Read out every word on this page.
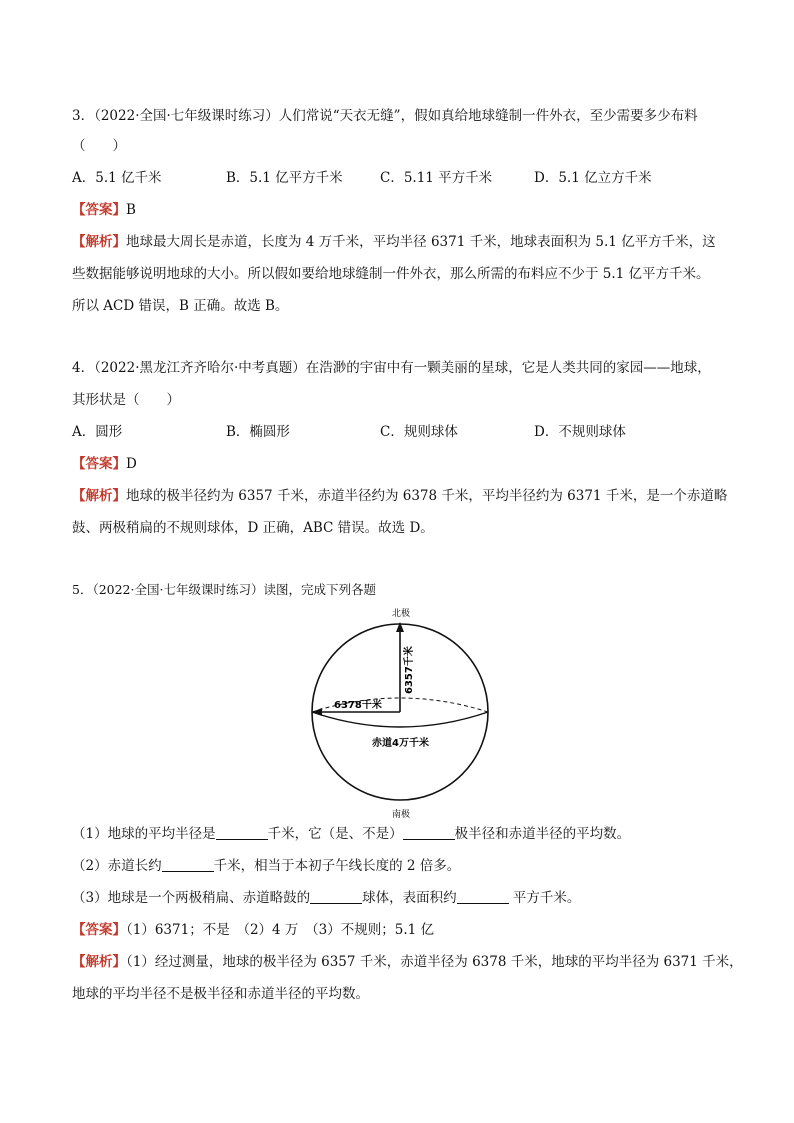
3．（2022·全国·七年级课时练习）人们常说“天衣无缝”，假如真给地球缝制一件外衣，至少需要多少布料
（　　）
A．5.1 亿千米	B．5.1 亿平方千米	C．5.11 平方千米	D．5.1 亿立方千米
【答案】B
【解析】地球最大周长是赤道，长度为 4 万千米，平均半径 6371 千米，地球表面积为 5.1 亿平方千米，这
些数据能够说明地球的大小。所以假如要给地球缝制一件外衣，那么所需的布料应不少于 5.1 亿平方千米。
所以 ACD 错误，B 正确。故选 B。
4．（2022·黑龙江齐齐哈尔·中考真题）在浩渺的宇宙中有一颗美丽的星球，它是人类共同的家园——地球，
其形状是（　　）
A．圆形	B．椭圆形	C．规则球体	D．不规则球体
【答案】D
【解析】地球的极半径约为 6357 千米，赤道半径约为 6378 千米，平均半径约为 6371 千米，是一个赤道略
鼓、两极稍扁的不规则球体，D 正确，ABC 错误。故选 D。
5．（2022·全国·七年级课时练习）读图，完成下列各题
北极
南极
6357千米
6378千米
赤道4万千米
（1）地球的平均半径是	千米，它（是、不是）	极半径和赤道半径的平均数。
（2）赤道长约	千米，相当于本初子午线长度的 2 倍多。
（3）地球是一个两极稍扁、赤道略鼓的	球体，表面积约	平方千米。
【答案】（1）6371；不是　（2）4 万　（3）不规则；5.1 亿
【解析】（1）经过测量，地球的极半径为 6357 千米，赤道半径为 6378 千米，地球的平均半径为 6371 千米，
地球的平均半径不是极半径和赤道半径的平均数。
